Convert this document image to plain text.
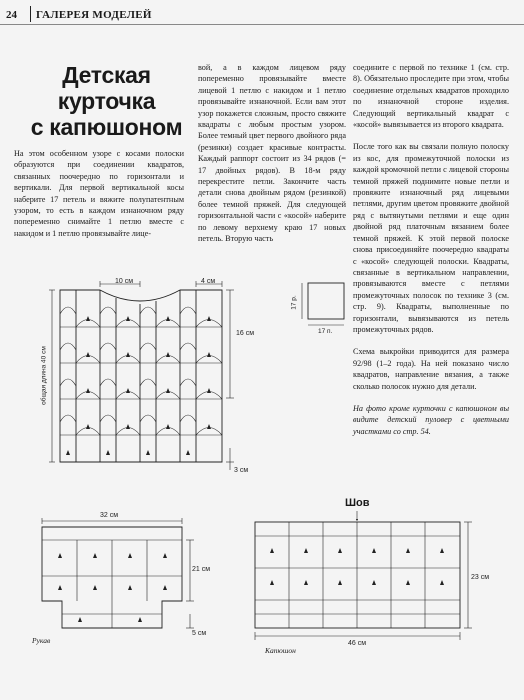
24 ГАЛЕРЕЯ МОДЕЛЕЙ
Детская
курточка
с капюшоном

На этом особенном узоре с косами полоски образуются при соединении квадратов, связанных поочередно по горизонтали и вертикали. Для первой вертикальной косы наберите 17 петель и вяжите полупатентным узором, то есть в каждом изнаночном ряду попеременно снимайте 1 петлю вместе с накидом и 1 петлю провязывайте лице-

вой, а в каждом лицевом ряду попеременно провязывайте вместе лицевой 1 петлю с накидом и 1 петлю провязывайте изнаночной. Если вам этот узор покажется сложным, просто свяжите квадраты с любым простым узором. Более темный цвет первого двойного ряда (резинки) создает красивые контрасты. Каждый раппорт состоит из 34 рядов (= 17 двойных рядов). В 18-м ряду перекрестите петли. Закончите часть детали снова двойным рядом (резинкой) более темной пряжей. Для следующей горизонтальной части с «косой» наберите по левому верхнему краю 17 новых петель. Вторую часть

соедините с первой по технике 1 (см. стр. 8). Обязательно проследите при этом, чтобы соединение отдельных квадратов проходило по изнаночной стороне изделия. Следующий вертикальный квадрат с «косой» вывязывается из второго квадрата.

После того как вы связали полную полоску из кос, для промежуточной полоски из каждой кромочной петли с лицевой стороны темной пряжей поднимите новые петли и провяжите изнаночный ряд лицевыми петлями, другим цветом провяжите двойной ряд с вытянутыми петлями и еще один двойной ряд платочным вязанием более темной пряжей. К этой первой полоске снова присоединяйте поочередно квадраты с «косой» следующей полоски. Квадраты, связанные в вертикальном направлении, провязываются вместе с петлями промежуточных полосок по технике 3 (см. стр. 9). Квадраты, выполненные по горизонтали, вывязываются из петель промежуточных рядов.

Схема выкройки приводится для размера 92/98 (1–2 года). На ней показано число квадратов, направление вязания, а также сколько полосок нужно для детали.

На фото кроме курточки с капюшоном вы видите детский пуловер с цветными участками со стр. 54.

10 см	4 см
16 см
3 см
общая длина 40 см
17 р.
17 п.
32 см
21 см
5 см
Рукав
Шов
46 см
23 см
Капюшон
